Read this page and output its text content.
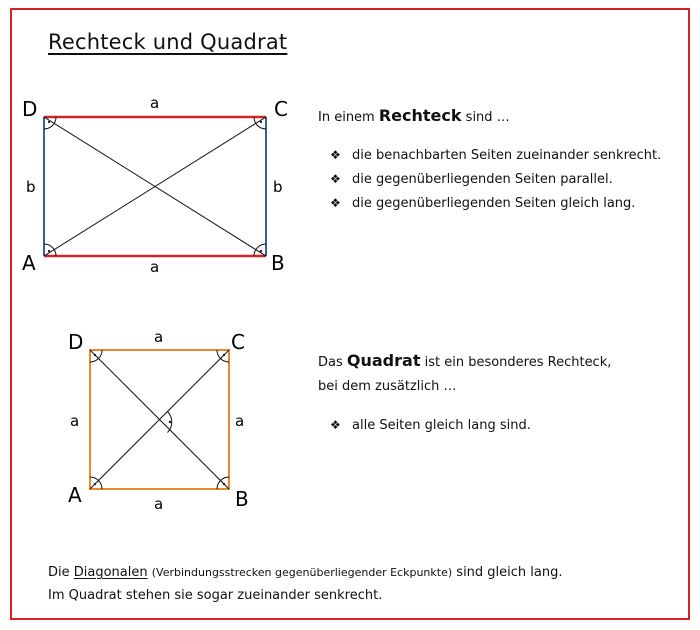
Rechteck und Quadrat
D	C
A	B
a
a
b	b
D	C
A	B
a
a
a	a
In einem Rechteck sind …
❖ die benachbarten Seiten zueinander senkrecht.
❖ die gegenüberliegenden Seiten parallel.
❖ die gegenüberliegenden Seiten gleich lang.
Das Quadrat ist ein besonderes Rechteck,
bei dem zusätzlich …
❖ alle Seiten gleich lang sind.
Die Diagonalen (Verbindungsstrecken gegenüberliegender Eckpunkte) sind gleich lang.
Im Quadrat stehen sie sogar zueinander senkrecht.
